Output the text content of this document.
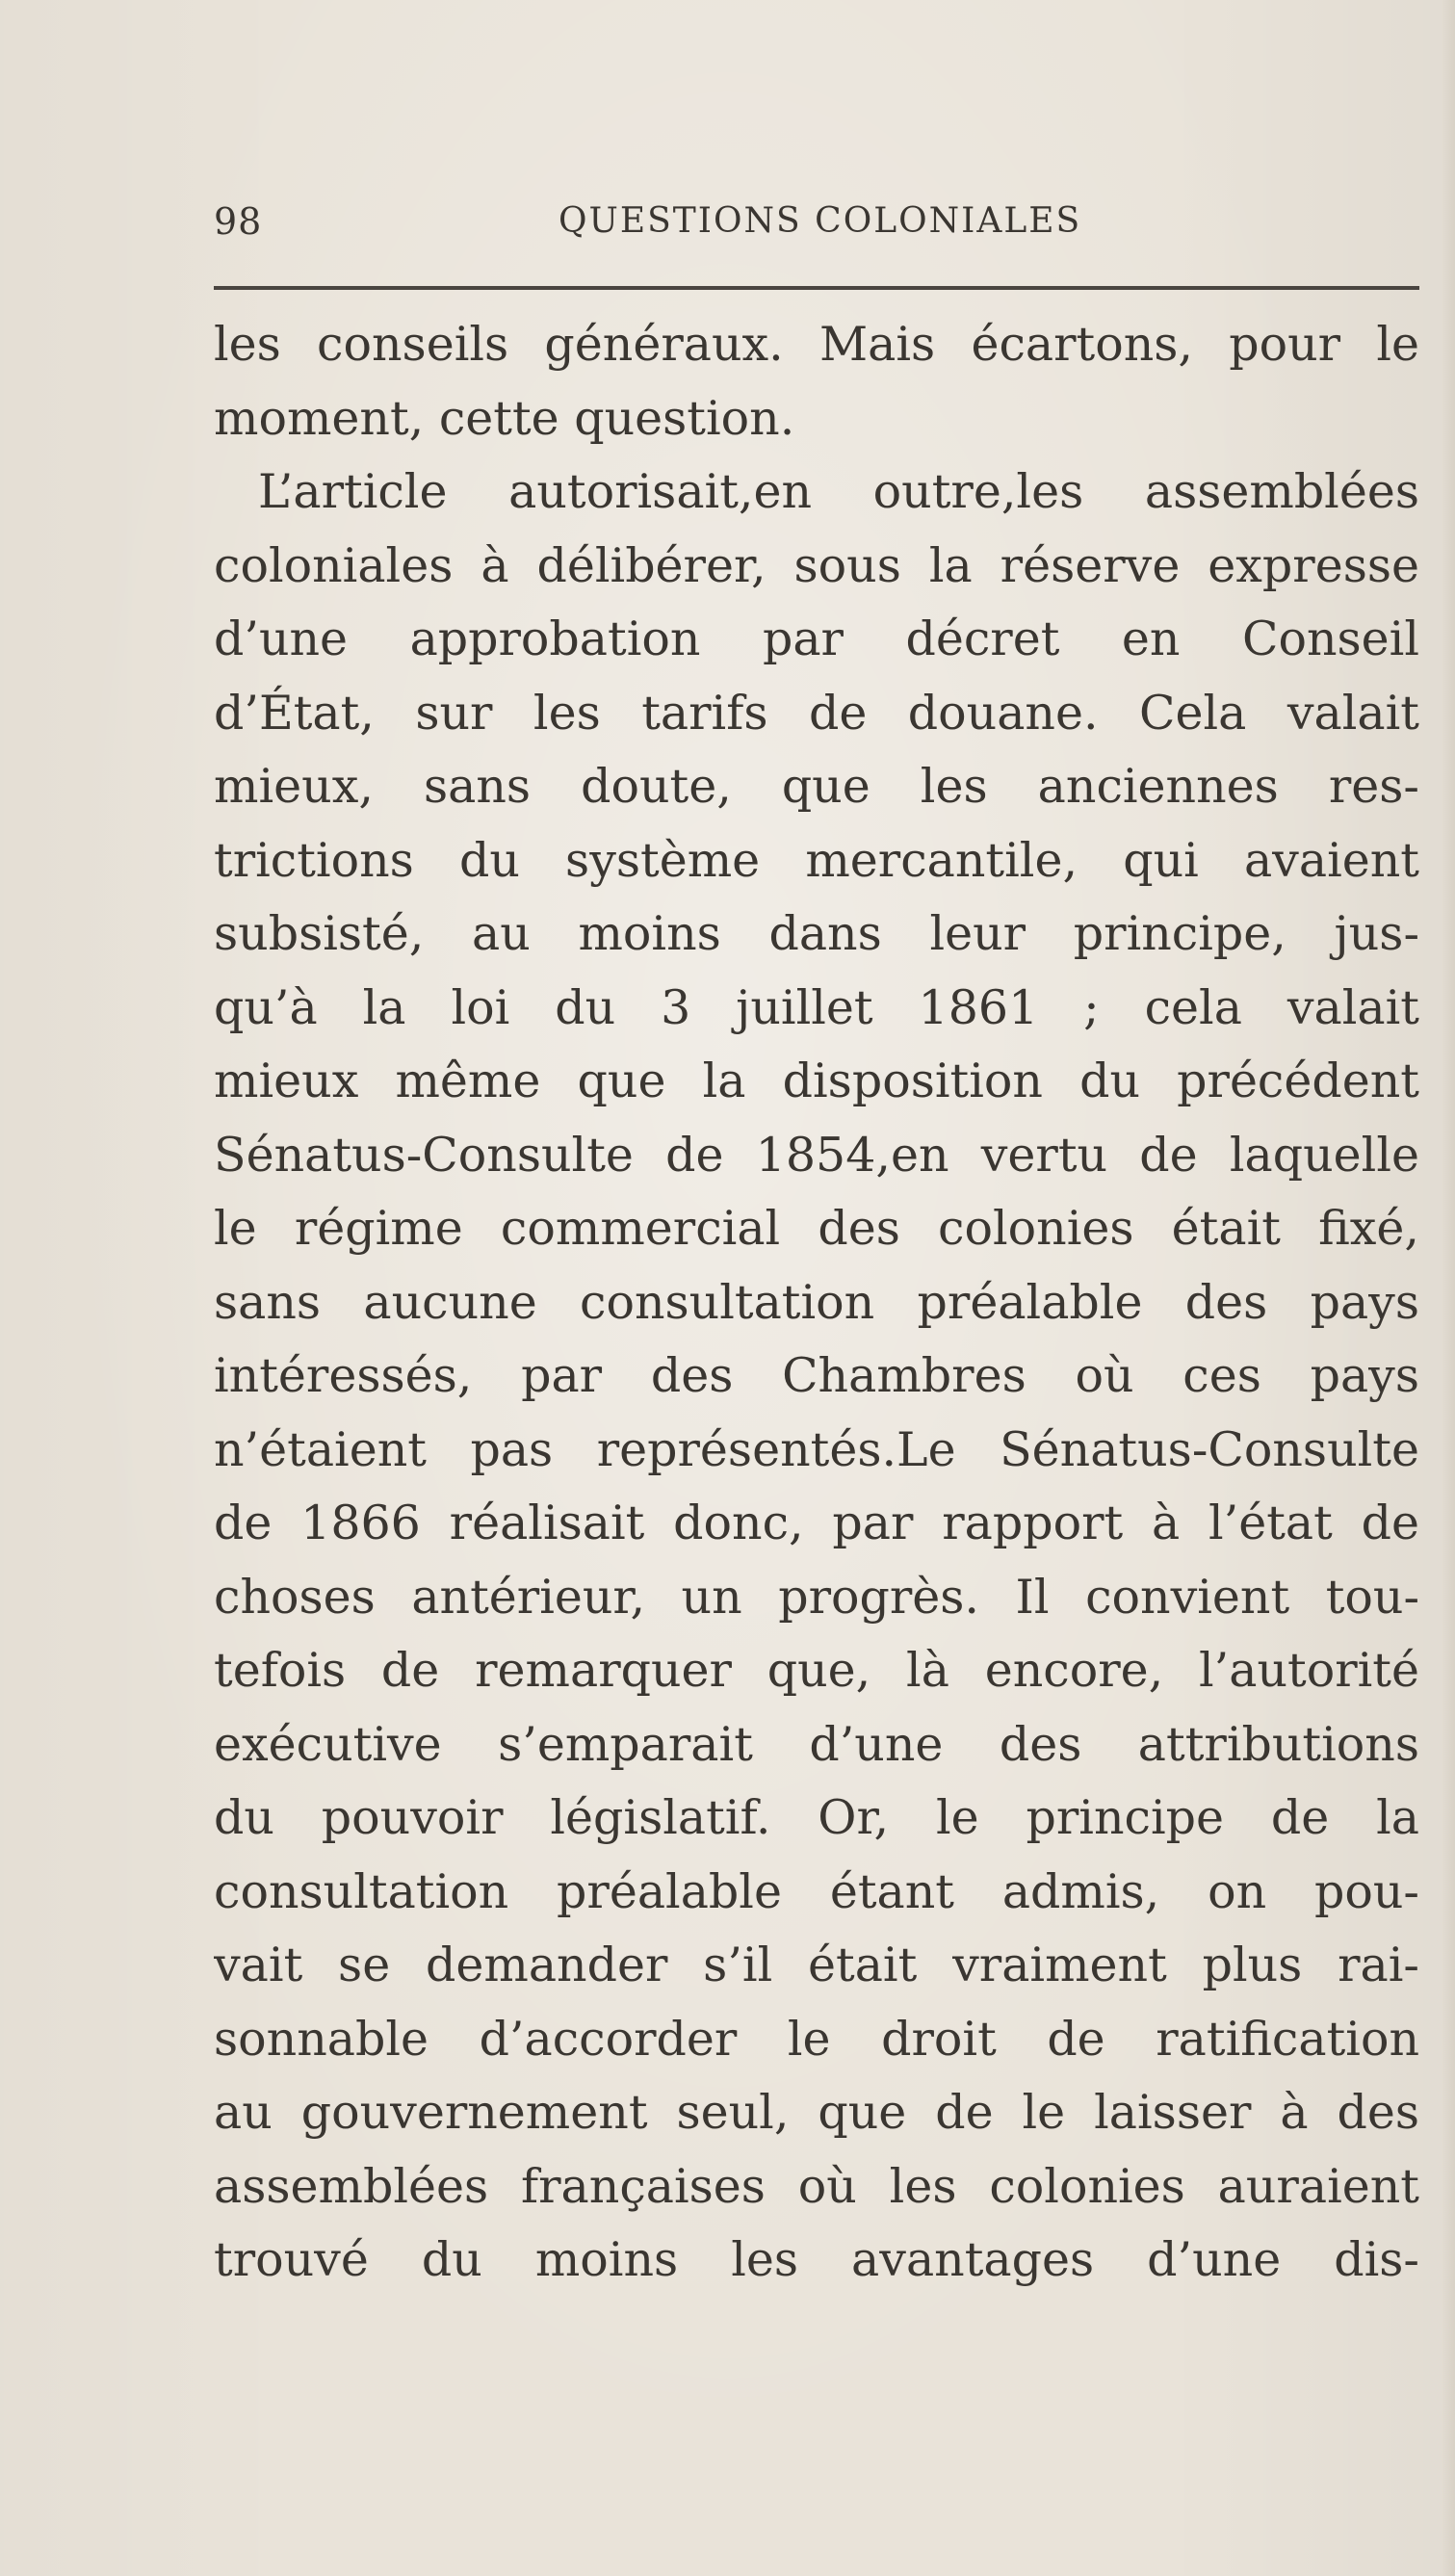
98	QUESTIONS COLONIALES
les conseils généraux. Mais écartons, pour le
moment, cette question.
L’article autorisait,en outre,les assemblées
coloniales à délibérer, sous la réserve expresse
d’une approbation par décret en Conseil
d’État, sur les tarifs de douane. Cela valait
mieux, sans doute, que les anciennes res-
trictions du système mercantile, qui avaient
subsisté, au moins dans leur principe, jus-
qu’à la loi du 3 juillet 1861 ; cela valait
mieux même que la disposition du précédent
Sénatus-Consulte de 1854,en vertu de laquelle
le régime commercial des colonies était fixé,
sans aucune consultation préalable des pays
intéressés, par des Chambres où ces pays
n’étaient pas représentés.Le Sénatus-Consulte
de 1866 réalisait donc, par rapport à l’état de
choses antérieur, un progrès. Il convient tou-
tefois de remarquer que, là encore, l’autorité
exécutive s’emparait d’une des attributions
du pouvoir législatif. Or, le principe de la
consultation préalable étant admis, on pou-
vait se demander s’il était vraiment plus rai-
sonnable d’accorder le droit de ratification
au gouvernement seul, que de le laisser à des
assemblées françaises où les colonies auraient
trouvé du moins les avantages d’une dis-
